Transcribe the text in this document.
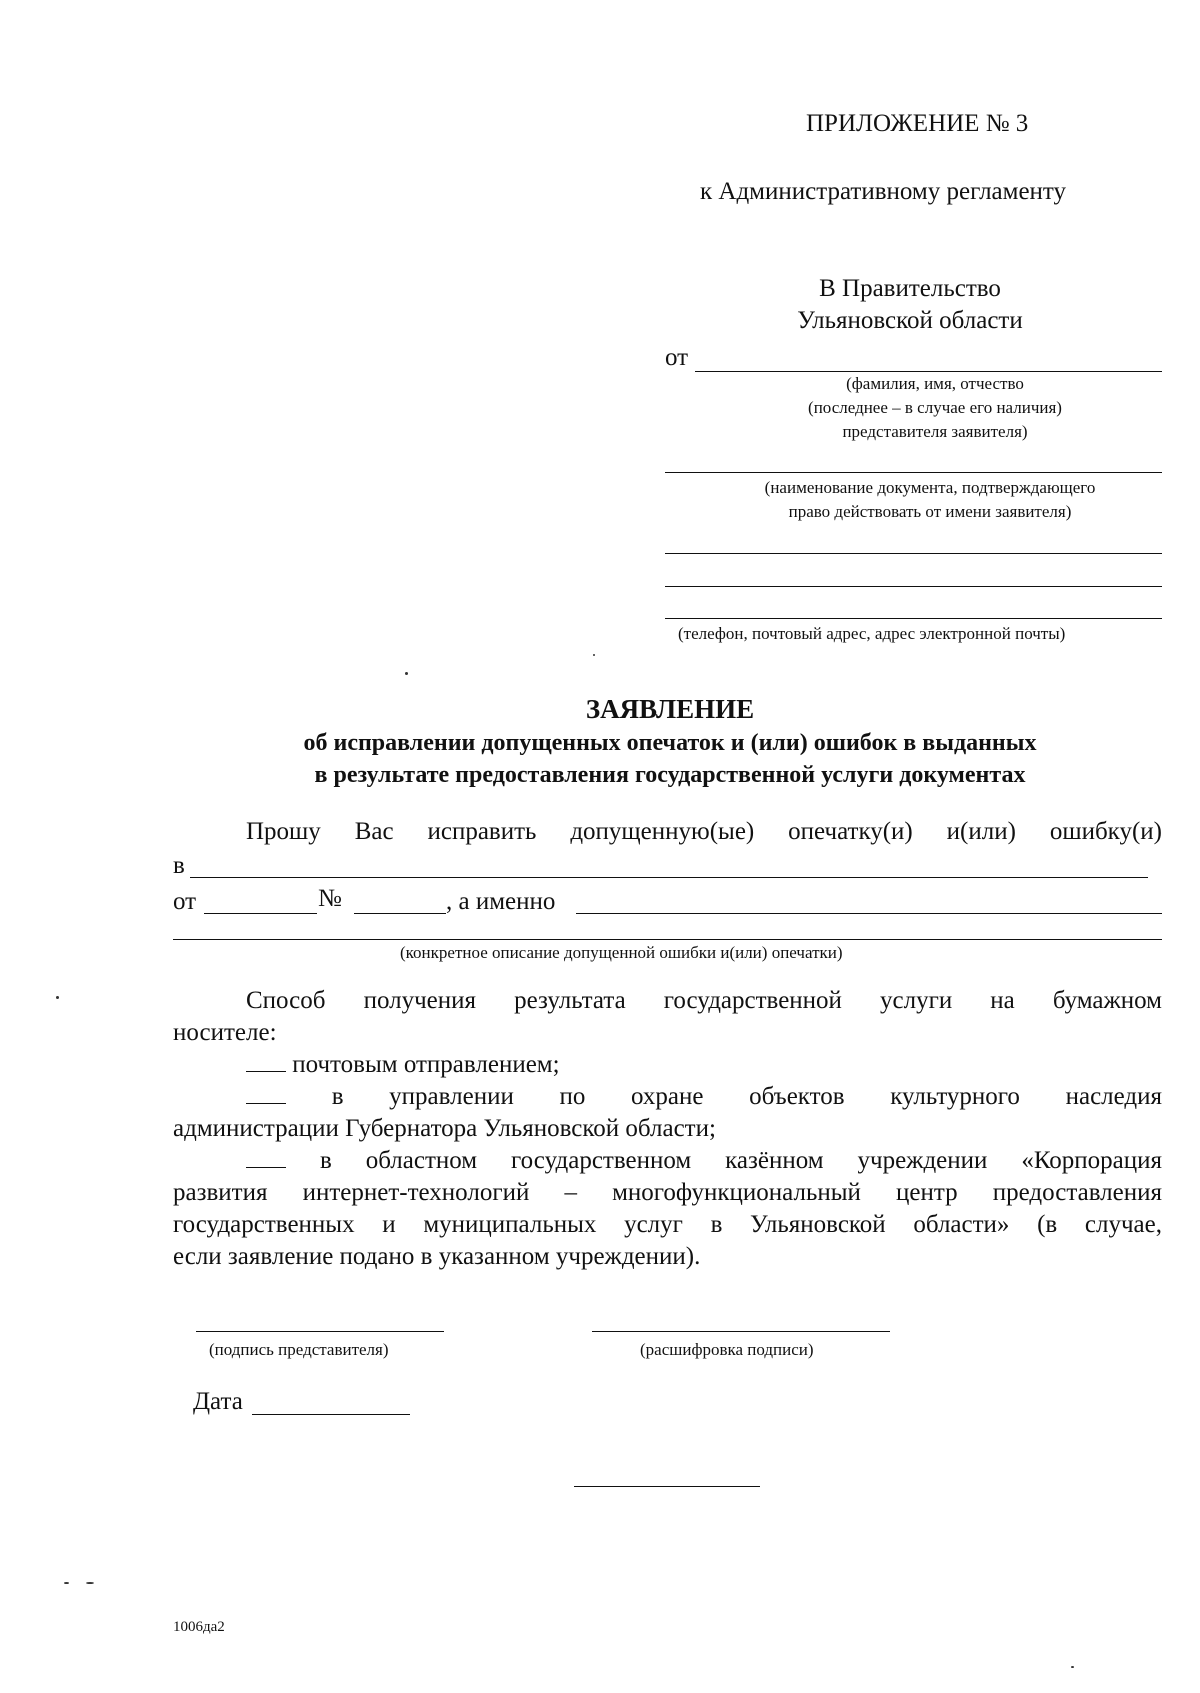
ПРИЛОЖЕНИЕ № 3
к Административному регламенту
В Правительство
Ульяновской области
от
(фамилия, имя, отчество
(последнее – в случае его наличия)
представителя заявителя)
(наименование документа, подтверждающего
право действовать от имени заявителя)
(телефон, почтовый адрес, адрес электронной почты)
ЗАЯВЛЕНИЕ
об исправлении допущенных опечаток и (или) ошибок в выданных
в результате предоставления государственной услуги документах
Прошу Вас исправить допущенную(ые) опечатку(и) и(или) ошибку(и)
в
от	№	, а именно
(конкретное описание допущенной ошибки и(или) опечатки)
Способ получения результата государственной услуги на бумажном
носителе:
почтовым отправлением;
в управлении по охране объектов культурного наследия
администрации Губернатора Ульяновской области;
в областном государственном казённом учреждении «Корпорация
развития интернет-технологий – многофункциональный центр предоставления
государственных и муниципальных услуг в Ульяновской области» (в случае,
если заявление подано в указанном учреждении).
(подпись представителя)	(расшифровка подписи)
Дата
1006да2
